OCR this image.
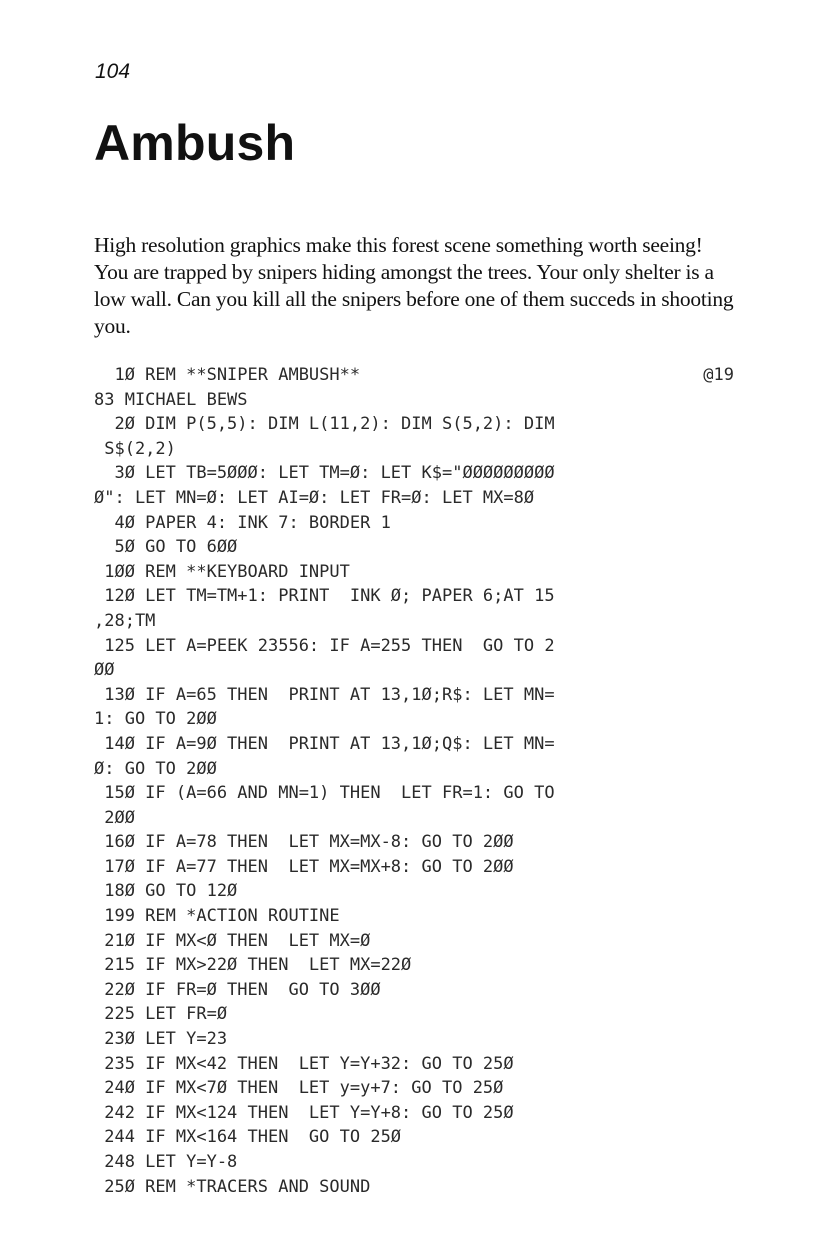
104
Ambush

High resolution graphics make this forest scene something worth seeing! You are trapped by snipers hiding amongst the trees. Your only shelter is a low wall. Can you kill all the snipers before one of them succeds in shooting you.

@19
1Ø REM **SNIPER AMBUSH**
83 MICHAEL BEWS
2Ø DIM P(5,5): DIM L(11,2): DIM S(5,2): DIM
S$(2,2)
3Ø LET TB=5ØØØ: LET TM=Ø: LET K$="ØØØØØØØØØ
Ø": LET MN=Ø: LET AI=Ø: LET FR=Ø: LET MX=8Ø
4Ø PAPER 4: INK 7: BORDER 1
5Ø GO TO 6ØØ
1ØØ REM **KEYBOARD INPUT
12Ø LET TM=TM+1: PRINT  INK Ø; PAPER 6;AT 15
,28;TM
125 LET A=PEEK 23556: IF A=255 THEN  GO TO 2
ØØ
13Ø IF A=65 THEN  PRINT AT 13,1Ø;R$: LET MN=
1: GO TO 2ØØ
14Ø IF A=9Ø THEN  PRINT AT 13,1Ø;Q$: LET MN=
Ø: GO TO 2ØØ
15Ø IF (A=66 AND MN=1) THEN  LET FR=1: GO TO
2ØØ
16Ø IF A=78 THEN  LET MX=MX-8: GO TO 2ØØ
17Ø IF A=77 THEN  LET MX=MX+8: GO TO 2ØØ
18Ø GO TO 12Ø
199 REM *ACTION ROUTINE
21Ø IF MX<Ø THEN  LET MX=Ø
215 IF MX>22Ø THEN  LET MX=22Ø
22Ø IF FR=Ø THEN  GO TO 3ØØ
225 LET FR=Ø
23Ø LET Y=23
235 IF MX<42 THEN  LET Y=Y+32: GO TO 25Ø
24Ø IF MX<7Ø THEN  LET y=y+7: GO TO 25Ø
242 IF MX<124 THEN  LET Y=Y+8: GO TO 25Ø
244 IF MX<164 THEN  GO TO 25Ø
248 LET Y=Y-8
25Ø REM *TRACERS AND SOUND
